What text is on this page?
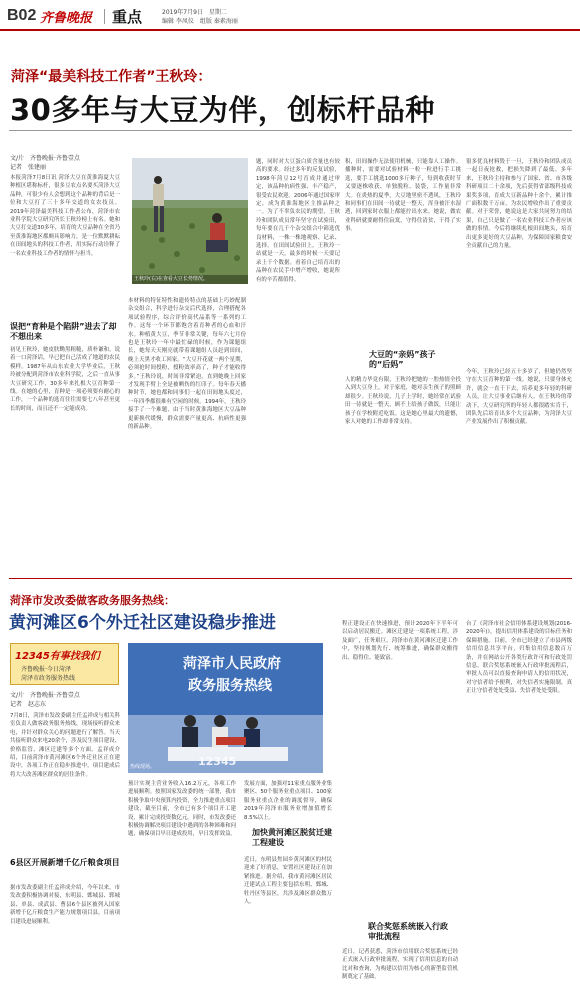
B02 齐鲁晚报 重点	2019年7月9日　星期二
编辑 李凤仪　组版 秦素海丽
菏泽“最美科技工作者”王秋玲：
30多年与大豆为伴，创标杆品种
文/片　齐鲁晚报·齐鲁壹点
记者　张建丽
本报菏泽7月8日讯 菏泽大豆在黄淮海夏大豆种植区堪称标杆，很多豆农点名要买菏泽大豆品种，可很少有人会想到这个品种的背后是一位和大豆打了三十多年交道的女农技员。2019年菏泽最美科技工作者公布，菏泽市农业科学院大豆研究所长王秋玲榜上有名。她和大豆打交道30多年，培育的大豆品种在全省乃至黄淮海地区都颇具影响力，是一位默默耕耘在田间地头的科技工作者，用实际行动诠释了一名农业科技工作者的情怀与担当。
误把“育种是个陷阱”进去了却不想出来
初见王秋玲，她皮肤黝黑粗糙，质朴谦和，说着一口菏泽话，早已把自己活成了地道的农民模样。1987年从山东农业大学毕业后，王秋玲被分配到菏泽市农业科学院，之后一直从事大豆研究工作，30多年来扎根大豆育种第一线。在她的心里，育种是一项必须要有耐心的工作，一个品种的选育往往需要七八年甚至更长的时间，而且还不一定能成功。
王秋玲(右)在查看大豆长势情况。
本材料的特征特性和遗传特点的基础上巧妙配制杂交组合，科学进行杂交后代选择，合理搭配各项试验程序，综合评价高代品系等一系列的工作。这每一个环节都饱含着育种者的心血和汗水。种植黄大豆，季节非常关键，每年六七月份也是王秋玲一年中最忙碌的时候，作为课题组长，她每天天刚亮就带着课题组人员赶到田间，晚上天黑才收工回家。“大豆开花就一两个星期，必须抢时间授粉，授粉效率高了，种子才能收得多。”王秋玲说，时间非常紧迫，直到她晚上回家才发现手臂上全是被晒伤的红印子。每年春天播种时节，她也都和同事们一起在田间地头度过，一年四季都很难有空闲的时候。1994年，王秋玲接手了一个难题，由于当时黄淮海地区大豆品种更新换代缓慢，群众需要产量更高、抗病性更强的新品种。
题，同时对大豆蛋白质含量也有较高的要求。经过多年的反复试验，1998年菏豆12号育成并通过审定，该品种抗病性强、丰产稳产，很受农民欢迎。2006年通过国家审定，成为黄淮海地区主推品种之一。为了不辜负农民的期望，王秋玲和团队成员常年坚守在试验田，每年要在几千个杂交组合中筛选优良材料，一株一株地观察、记录、选择。在田间试验田上，王秋玲一站就是一天，最多的时候一天要记录上千个数据。看着自己培育出的品种在农民手中增产增收，她说所有的辛苦都值得。
积，田间操作无法使用机械，只能靠人工操作。播种时，需要对试验材料一粒一粒进行手工挑选，要手工挑选1000多斤种子，每到收获时节又要逐株收获、单独脱粒、装袋，工作量非常大。在炎热的夏季，大豆地里密不透风，王秋玲和同事们在田间一待就是一整天，浑身被汗水湿透，回到家时衣服上都能拧出水来。她说，做农业科研就要耐得住寂寞，守得住清贫，干得了实事。
大豆的“亲妈”孩子的“后妈”
人的精力毕竟有限，王秋玲把她的一腔热情全投入到大豆身上，对于家庭，她对亲生孩子的照顾却很少。王秋玲说，儿子上学时，她经常在试验田一待就是一整天，顾不上给孩子做饭，只能让孩子在学校附近吃饭。这是她心里最大的遗憾，家人对她的工作却非常支持。
很多优良材料毁于一旦，王秋玲和团队成员一起日夜抢救，把损失降到了最低。多年来，王秋玲主持和参与了国家、省、市各级科研项目二十余项，先后获得省部级科技成果奖多项，育成大豆新品种十余个，累计推广面积数千万亩，为农民增收作出了重要贡献。对于荣誉，她说这是大家共同努力的结果，自己只是做了一名农业科技工作者应该做的事情。今后将继续扎根田间地头，培育出更多更好的大豆品种，为保障国家粮食安全贡献自己的力量。
今年，王秋玲已经五十多岁了，但她仍然坚守在大豆育种的第一线。她说，只要身体允许，就会一直干下去，培养更多年轻的科研人员，让大豆事业后继有人。在王秋玲的带动下，大豆研究所的年轻人都很踏实肯干，团队先后培育出多个大豆品种，为菏泽大豆产业发展作出了积极贡献。
菏泽市发改委做客政务服务热线：
黄河滩区6个外迁社区建设稳步推进
12345有事找我们
齐鲁晚报·今日菏泽
菏泽市政务服务热线
文/片　齐鲁晚报·齐鲁壹点
记者　赵志东
7月8日，菏泽市发改委副主任孟祥成与相关科室负责人做客政务服务热线，现场接听群众来电，并针对群众关心的问题进行了解答。当天共接听群众来电20余个，涉及民生项目建设、价格监管、滩区迁建等多个方面。孟祥成介绍，目前菏泽市黄河滩区6个外迁社区正在建设中，各项工作正在稳步推进中，项目建成后将大大改善滩区群众的居住条件。
6县区开展新增千亿斤粮食项目
据市发改委副主任孟祥成介绍，今年以来，市发改委积极协调对接，东明县、鄄城县、郓城县、单县、成武县、曹县6个县区被列入国家新增千亿斤粮食生产能力规划项目县，目前项目建设进展顺利。
菏泽市人民政府
政务服务热线
12345
热线现场。
预计实现主营业务收入16.2万元，各项工作进展顺利。按照国家发改委的统一部署，我市积极争取中央预算内投资，全力推进重点项目建设，截至目前，全市已有多个项目开工建设，累计完成投资数亿元。同时，市发改委还积极协调解决项目建设中遇到的各种困难和问题，确保项目早日建成投用，早日发挥效益。
发展方面，加强对11家重点服务业集聚区、50个服务业重点项目、100家服务业重点企业的调度督导，确保2019年菏泽市服务业增加值增长8.5%以上。
加快黄河滩区脱贫迁建工程建设
近日，东明县焦园乡黄河滩区的村民迎来了好消息，安置社区建设正在加紧推进。据介绍，我市黄河滩区居民迁建试点工程主要包括东明、鄄城、牡丹区等县区，共涉及滩区群众数万人。
程正建设正在快速推进，预计2020年下半年可以启动居民搬迁。滩区迁建是一项系统工程，涉及面广，任务艰巨。菏泽市在黄河滩区迁建工作中，坚持规划先行、统筹推进，确保群众搬得出、稳得住、能致富。
联合奖惩系统嵌入行政审批流程
近日，记者获悉，菏泽市信用联合奖惩系统已经正式嵌入行政审批流程，实现了信用信息的自动比对和查询，为构建以信用为核心的新型监管机制奠定了基础。
台了《菏泽市社会信用体系建设规划(2016-2020年)》，提出信用体系建设的目标任务和保障措施。目前，全市已经建立了市县两级信用信息共享平台，归集信用信息数百万条，并在网站公开各类行政许可和行政处罚信息。联合奖惩系统嵌入行政审批流程后，审批人员可以直接查询申请人的信用状况，对守信者给予便利，对失信者实施限制，真正让守信者处处受益、失信者处处受限。
